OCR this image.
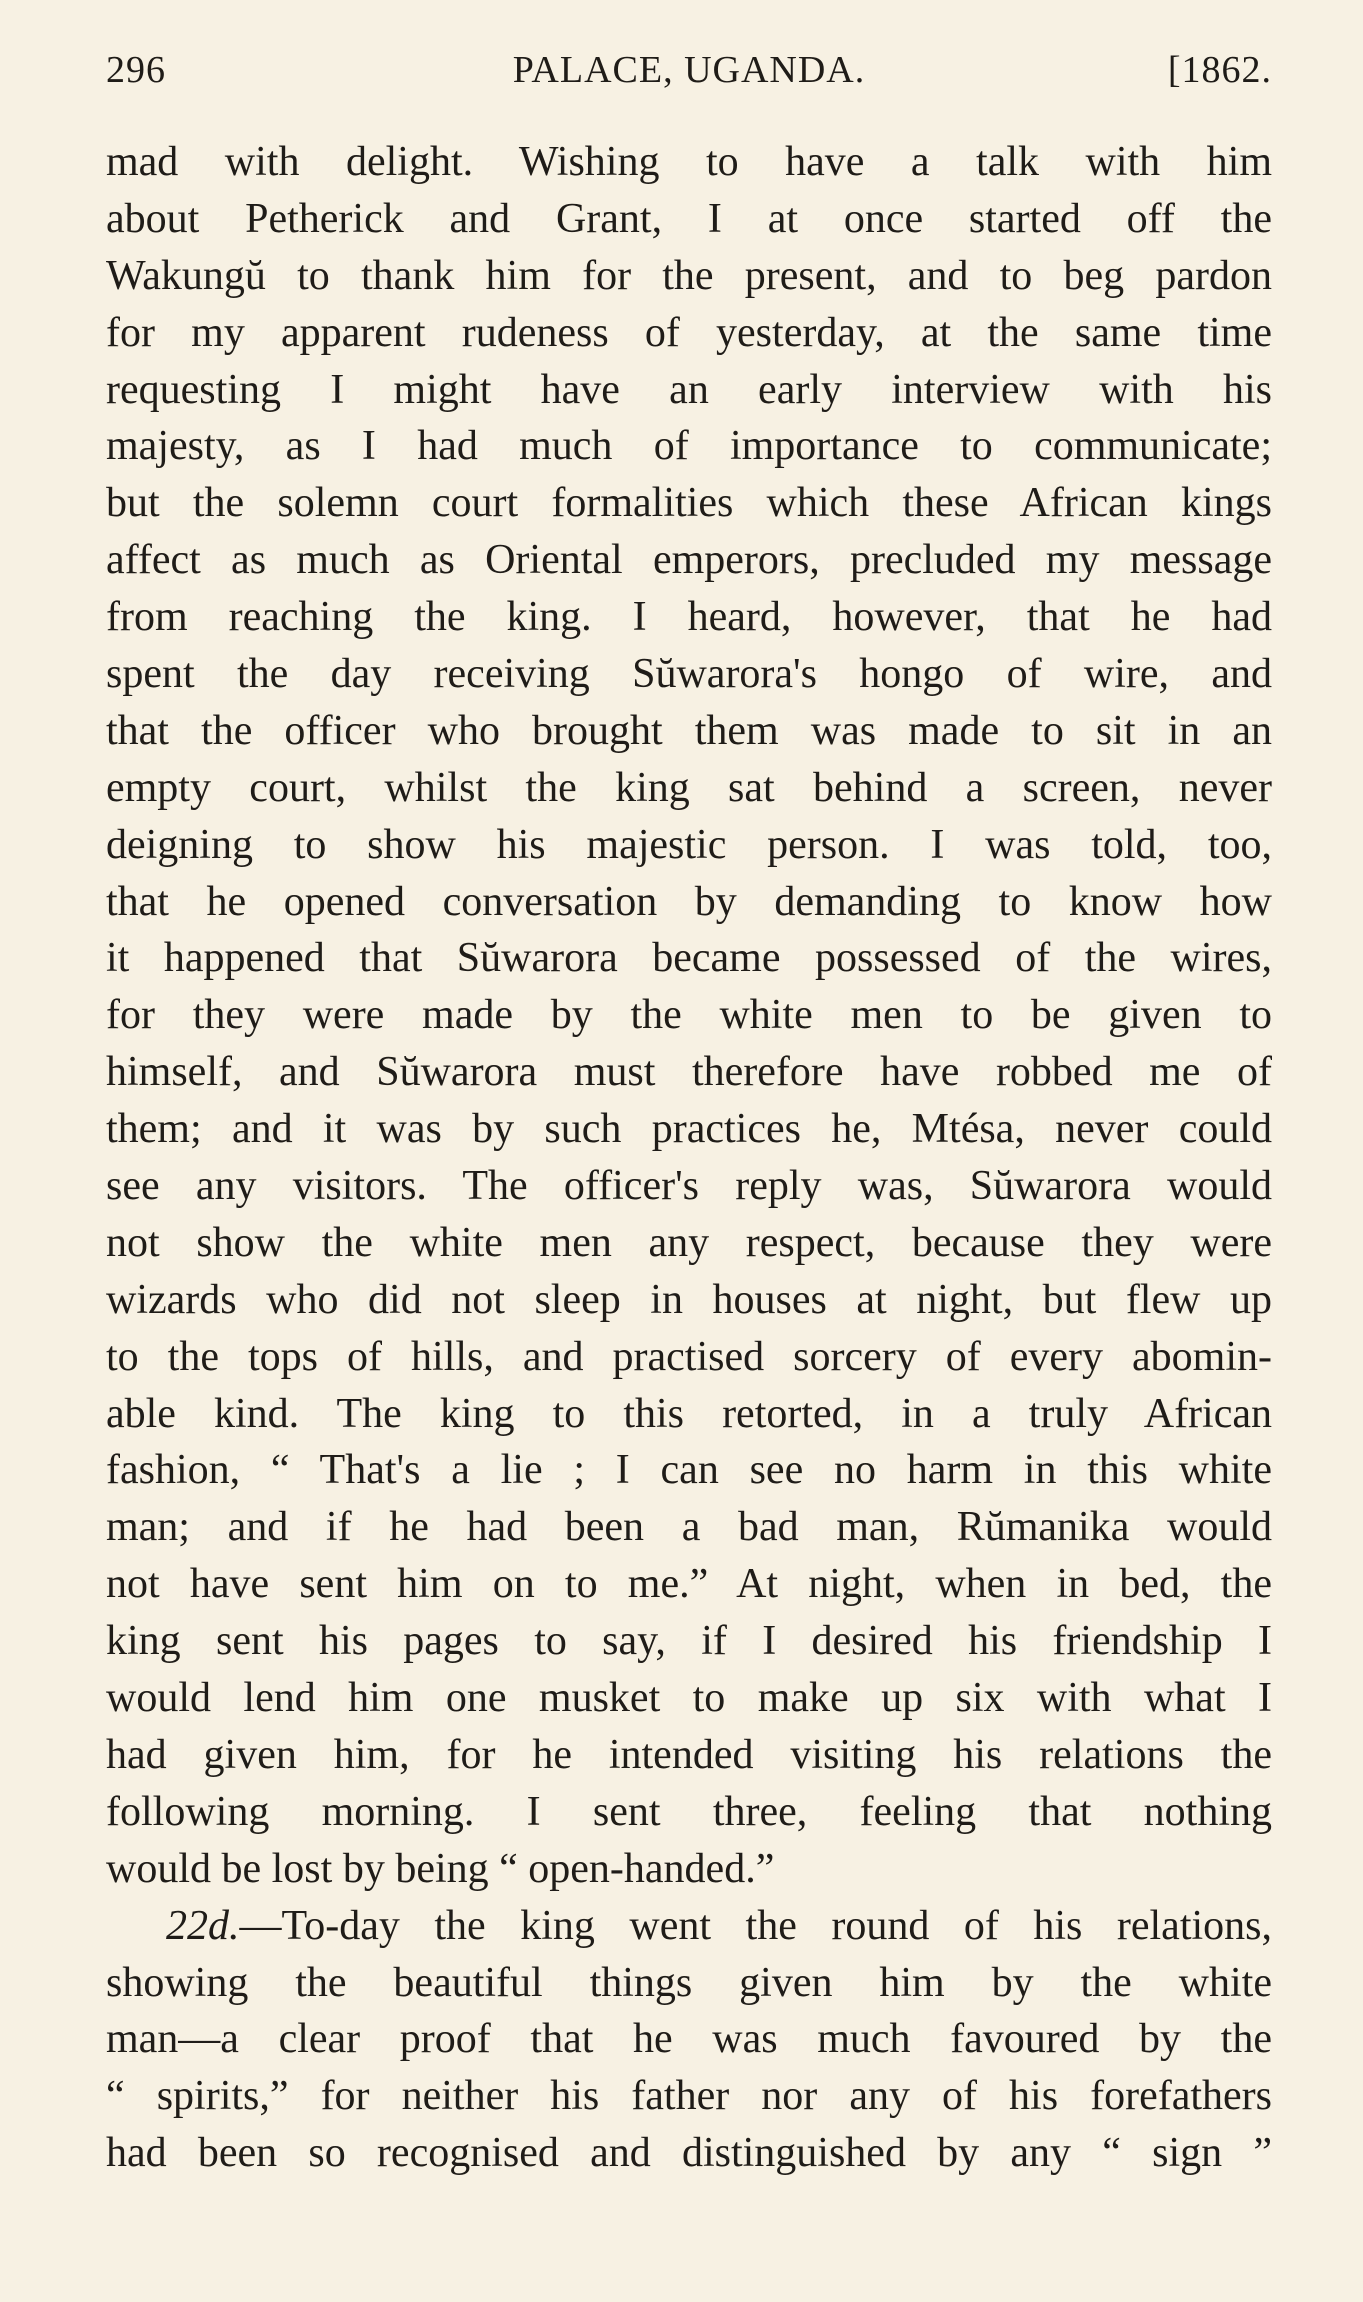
296	PALACE, UGANDA.	[1862.
mad with delight. Wishing to have a talk with him
about Petherick and Grant, I at once started off the
Wakungŭ to thank him for the present, and to beg pardon
for my apparent rudeness of yesterday, at the same time
requesting I might have an early interview with his
majesty, as I had much of importance to communicate;
but the solemn court formalities which these African kings
affect as much as Oriental emperors, precluded my message
from reaching the king. I heard, however, that he had
spent the day receiving Sŭwarora's hongo of wire, and
that the officer who brought them was made to sit in an
empty court, whilst the king sat behind a screen, never
deigning to show his majestic person. I was told, too,
that he opened conversation by demanding to know how
it happened that Sŭwarora became possessed of the wires,
for they were made by the white men to be given to
himself, and Sŭwarora must therefore have robbed me of
them; and it was by such practices he, Mtésa, never could
see any visitors. The officer's reply was, Sŭwarora would
not show the white men any respect, because they were
wizards who did not sleep in houses at night, but flew up
to the tops of hills, and practised sorcery of every abomin-
able kind. The king to this retorted, in a truly African
fashion, “ That's a lie ; I can see no harm in this white
man; and if he had been a bad man, Rŭmanika would
not have sent him on to me.” At night, when in bed, the
king sent his pages to say, if I desired his friendship I
would lend him one musket to make up six with what I
had given him, for he intended visiting his relations the
following morning. I sent three, feeling that nothing
would be lost by being “ open-handed.”
22d.—To-day the king went the round of his relations,
showing the beautiful things given him by the white
man—a clear proof that he was much favoured by the
“ spirits,” for neither his father nor any of his forefathers
had been so recognised and distinguished by any “ sign ”
